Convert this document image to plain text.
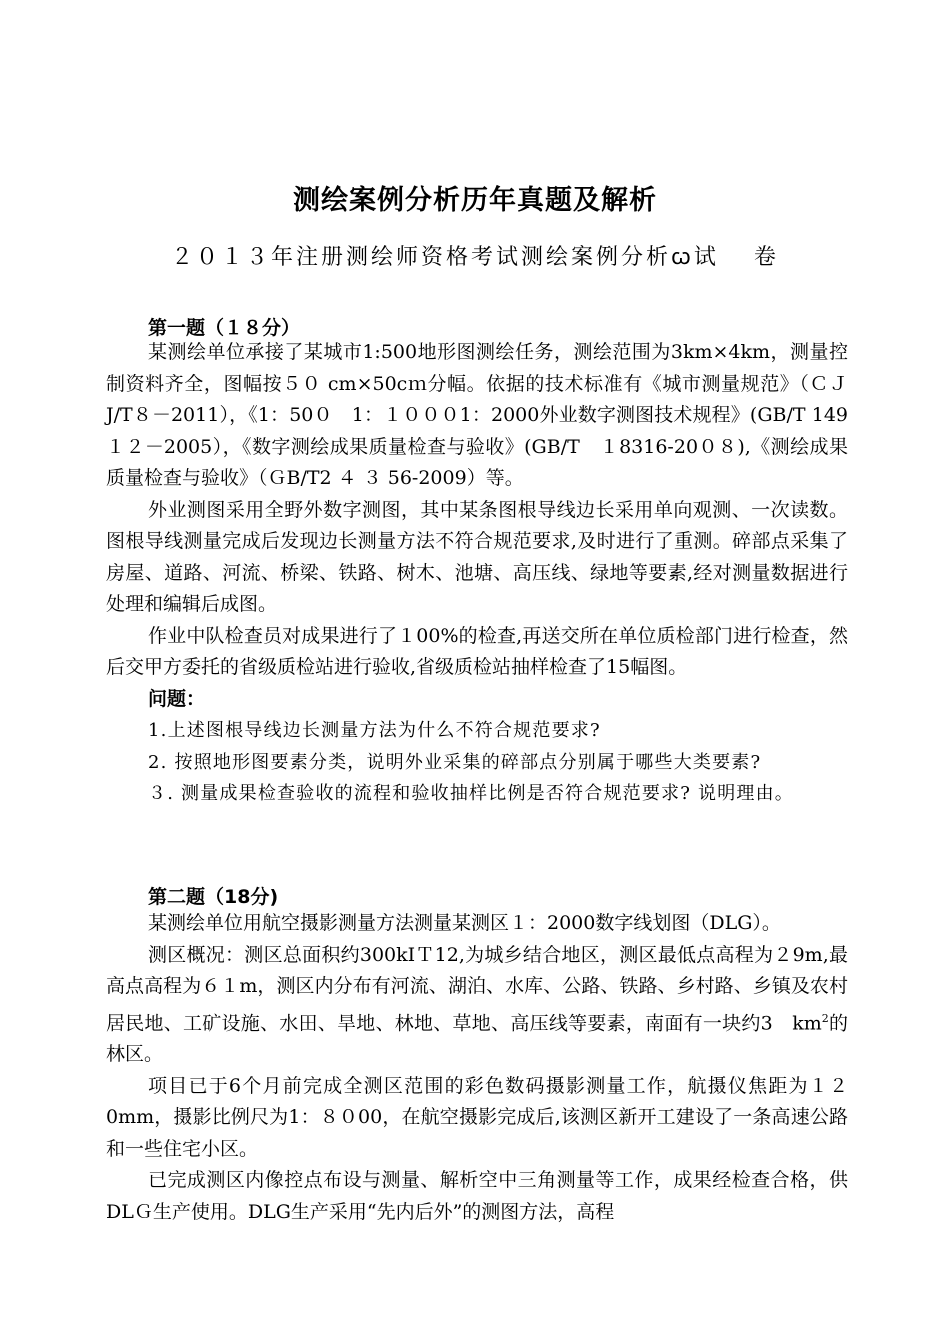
测绘案例分析历年真题及解析
２０１３年注册测绘师资格考试测绘案例分析ꞷ试　 卷
第一题（１８分）

某测绘单位承接了某城市1:500地形图测绘任务，测绘范围为3km×4km，测量控制资料齐全，图幅按５０ cm×50cｍ分幅。依据的技术标准有《城市测量规范》（ＣＪ J/T８－2011），《1：50０　1：１０００1：2000外业数字测图技术规程》(GB/T 149 １２－2005），《数字测绘成果质量检查与验收》(GB/T　１8316-20０８),《测绘成果质量检查与验收》（ＧB/T2 ４ ３ 56-2009）等。

外业测图采用全野外数字测图，其中某条图根导线边长采用单向观测、一次读数。图根导线测量完成后发现边长测量方法不符合规范要求,及时进行了重测。碎部点采集了房屋、道路、河流、桥梁、铁路、树木、池塘、高压线、绿地等要素,经对测量数据进行处理和编辑后成图。

作业中队检查员对成果进行了１00%的检查,再送交所在单位质检部门进行检查，然后交甲方委托的省级质检站进行验收,省级质检站抽样检查了15幅图。

问题：

1.上述图根导线边长测量方法为什么不符合规范要求?

2. 按照地形图要素分类，说明外业采集的碎部点分别属于哪些大类要素?

３. 测量成果检查验收的流程和验收抽样比例是否符合规范要求? 说明理由。

第二题（18分)

某测绘单位用航空摄影测量方法测量某测区１：2000数字线划图（DLG）。

测区概况：测区总面积约300kIＴ12,为城乡结合地区，测区最低点高程为２9m,最高点高程为６１m，测区内分布有河流、湖泊、水库、公路、铁路、乡村路、乡镇及农村居民地、工矿设施、水田、旱地、林地、草地、高压线等要素，南面有一块约3　$km^2$的林区。

项目已于6个月前完成全测区范围的彩色数码摄影测量工作，航摄仪焦距为１２0mm，摄影比例尺为1：８０00，在航空摄影完成后,该测区新开工建设了一条高速公路和一些住宅小区。

已完成测区内像控点布设与测量、解析空中三角测量等工作，成果经检查合格，供DLＧ生产使用。DLG生产采用“先内后外”的测图方法，高程
